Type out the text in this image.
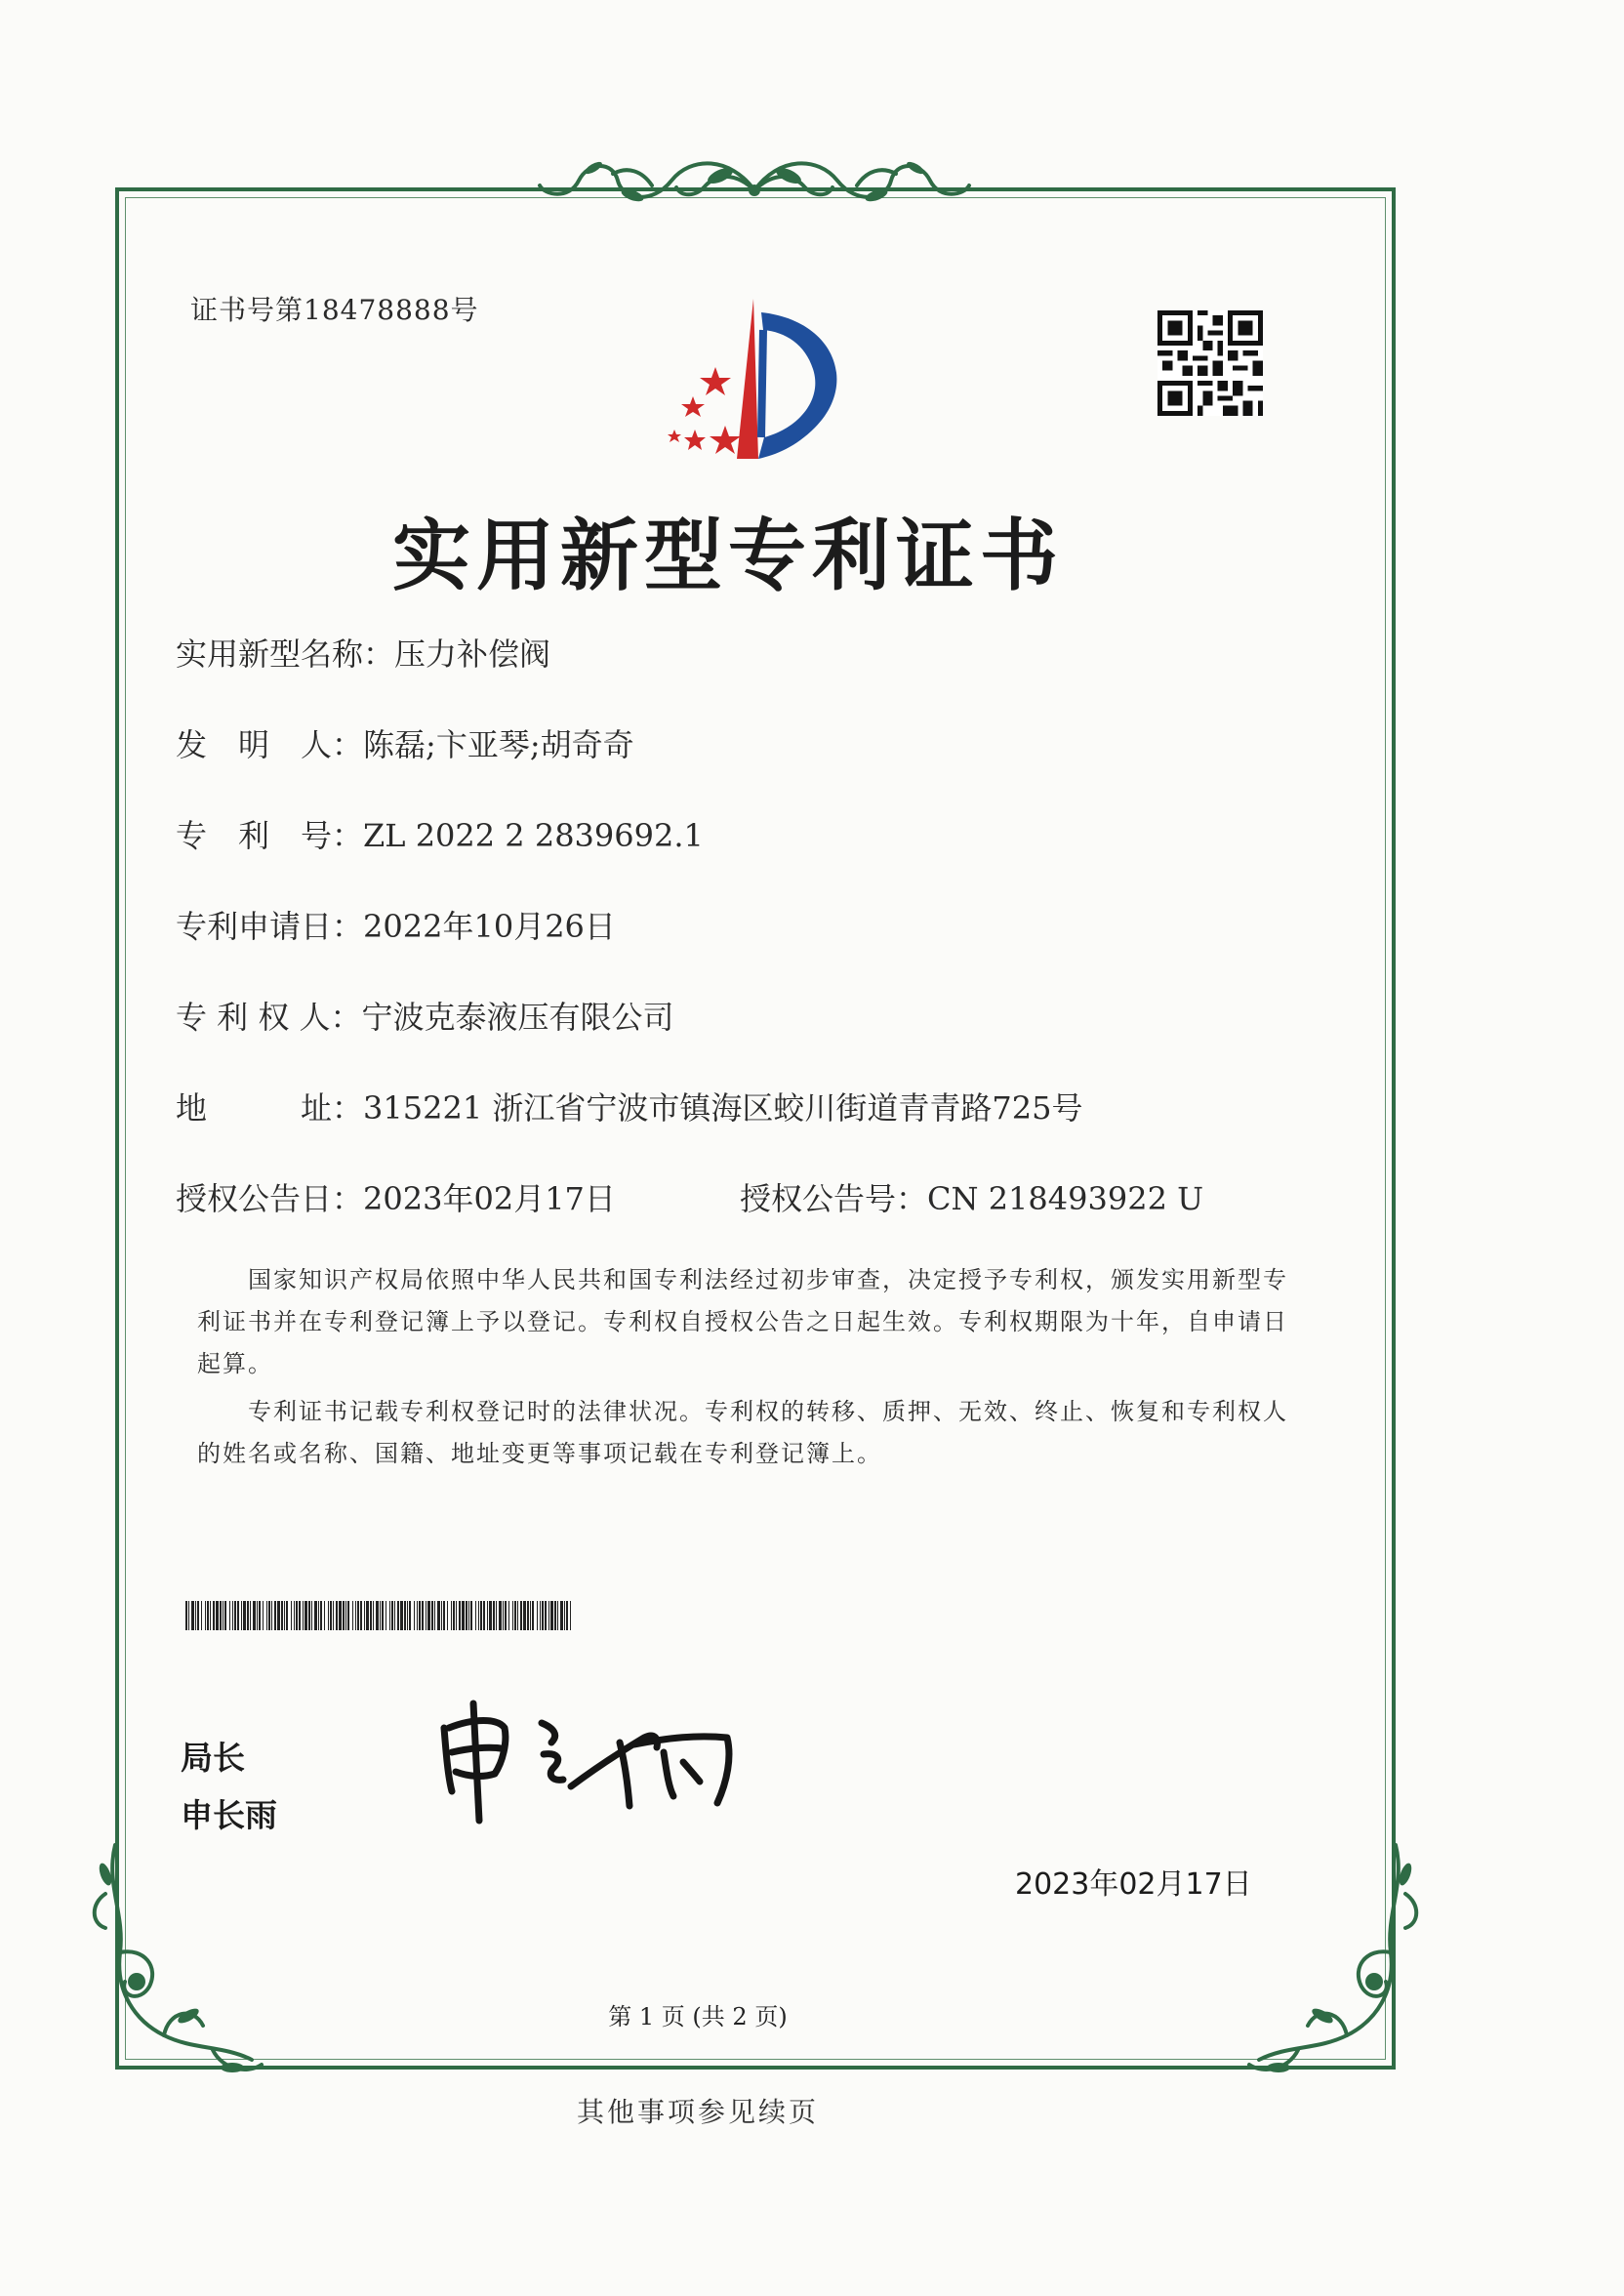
证书号第18478888号
实用新型专利证书
实用新型名称：压力补偿阀
发　明　人：陈磊;卞亚琴;胡奇奇
专　利　号：ZL 2022 2 2839692.1
专利申请日：2022年10月26日
专 利 权 人：宁波克泰液压有限公司
地　　　址：315221 浙江省宁波市镇海区蛟川街道青青路725号
授权公告日：2023年02月17日	授权公告号：CN 218493922 U
国家知识产权局依照中华人民共和国专利法经过初步审查，决定授予专利权，颁发实用新型专利证书并在专利登记簿上予以登记。专利权自授权公告之日起生效。专利权期限为十年，自申请日起算。
专利证书记载专利权登记时的法律状况。专利权的转移、质押、无效、终止、恢复和专利权人的姓名或名称、国籍、地址变更等事项记载在专利登记簿上。
局长
申长雨
2023年02月17日
第 1 页 (共 2 页)
其他事项参见续页
